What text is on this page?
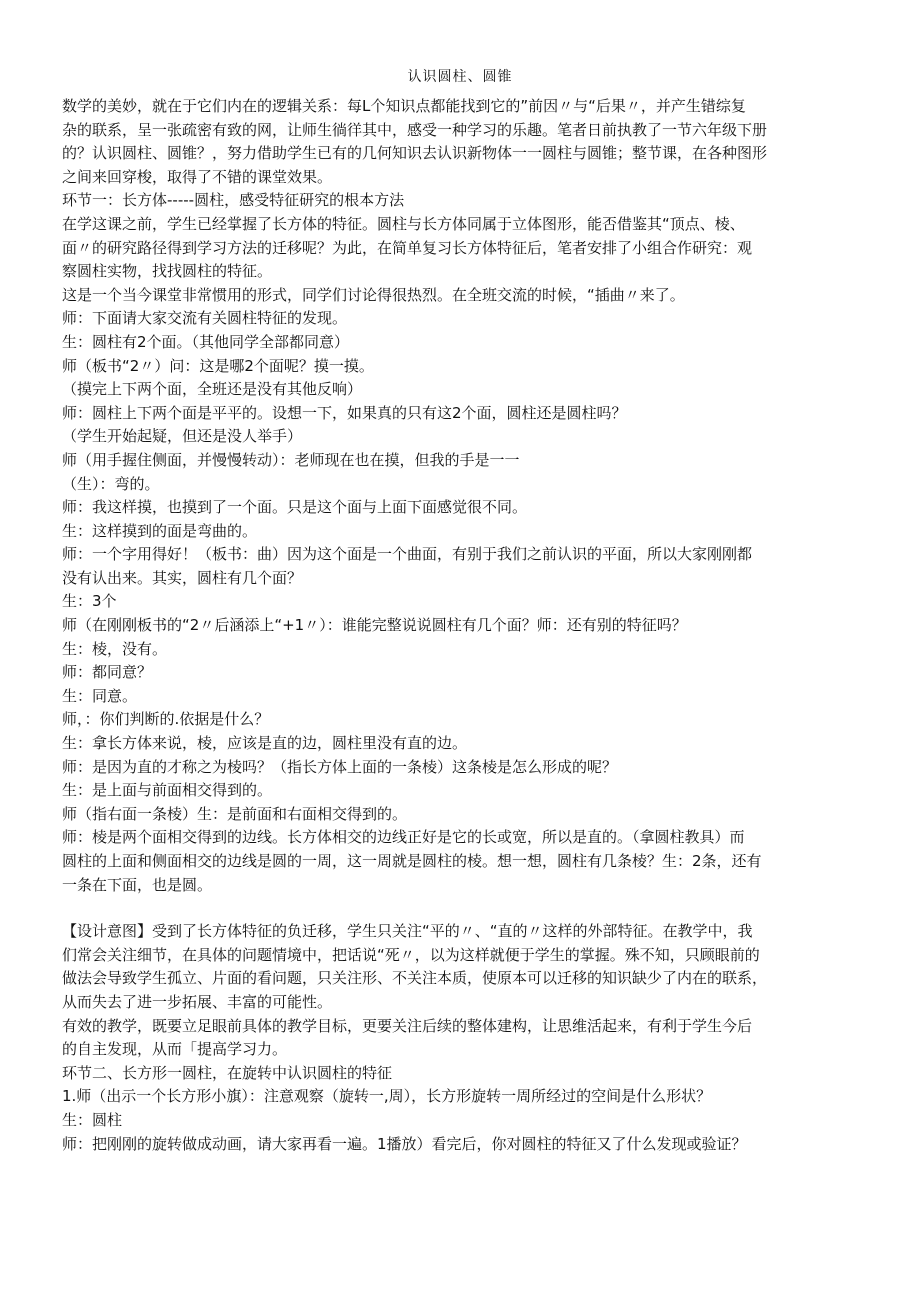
认识圆柱、圆锥

数学的美妙，就在于它们内在的逻辑关系：每L个知识点都能找到它的”前因〃与“后果〃，并产生错综复

杂的联系，呈一张疏密有致的网，让师生徜徉其中，感受一种学习的乐趣。笔者日前执教了一节六年级下册

的？认识圆柱、圆锥？，努力借助学生已有的几何知识去认识新物体一一圆柱与圆锥；整节课，在各种图形

之间来回穿梭，取得了不错的课堂效果。

环节一：长方体-----圆柱，感受特征研究的根本方法

在学这课之前，学生已经掌握了长方体的特征。圆柱与长方体同属于立体图形，能否借鉴其“顶点、棱、

面〃的研究路径得到学习方法的迁移呢？为此，在简单复习长方体特征后，笔者安排了小组合作研究：观

察圆柱实物，找找圆柱的特征。

这是一个当今课堂非常惯用的形式，同学们讨论得很热烈。在全班交流的时候，“插曲〃来了。

师：下面请大家交流有关圆柱特征的发现。

生：圆柱有2个面。（其他同学全部都同意）

师（板书“2〃）问：这是哪2个面呢？摸一摸。

（摸完上下两个面，全班还是没有其他反响）

师：圆柱上下两个面是平平的。设想一下，如果真的只有这2个面，圆柱还是圆柱吗？

（学生开始起疑，但还是没人举手）

师（用手握住侧面，并慢慢转动）：老师现在也在摸，但我的手是一一

（生）：弯的。

师：我这样摸，也摸到了一个面。只是这个面与上面下面感觉很不同。

生：这样摸到的面是弯曲的。

师：一个字用得好！（板书：曲）因为这个面是一个曲面，有别于我们之前认识的平面，所以大家刚刚都

没有认出来。其实，圆柱有几个面？

生：3个

师（在刚刚板书的“2〃后涵添上“+1〃）：谁能完整说说圆柱有几个面？师：还有别的特征吗？

生：棱，没有。

师：都同意？

生：同意。

师，：你们判断的.依据是什么？

生：拿长方体来说，棱，应该是直的边，圆柱里没有直的边。

师：是因为直的才称之为棱吗？（指长方体上面的一条棱）这条棱是怎么形成的呢？

生：是上面与前面相交得到的。

师（指右面一条棱）生：是前面和右面相交得到的。

师：棱是两个面相交得到的边线。长方体相交的边线正好是它的长或宽，所以是直的。（拿圆柱教具）而

圆柱的上面和侧面相交的边线是圆的一周，这一周就是圆柱的棱。想一想，圆柱有几条棱？生：2条，还有

一条在下面，也是圆。

【设计意图】受到了长方体特征的负迁移，学生只关注“平的〃、“直的〃这样的外部特征。在教学中，我

们常会关注细节，在具体的问题情境中，把话说“死〃，以为这样就便于学生的掌握。殊不知，只顾眼前的

做法会导致学生孤立、片面的看问题，只关注形、不关注本质，使原本可以迁移的知识缺少了内在的联系，

从而失去了进一步拓展、丰富的可能性。

有效的教学，既要立足眼前具体的教学目标，更要关注后续的整体建构，让思维活起来，有利于学生今后

的自主发现，从而「提高学习力。

环节二、长方形一圆柱，在旋转中认识圆柱的特征

1.师（出示一个长方形小旗）：注意观察（旋转一,周），长方形旋转一周所经过的空间是什么形状？

生：圆柱

师：把刚刚的旋转做成动画，请大家再看一遍。1播放）看完后，你对圆柱的特征又了什么发现或验证？
